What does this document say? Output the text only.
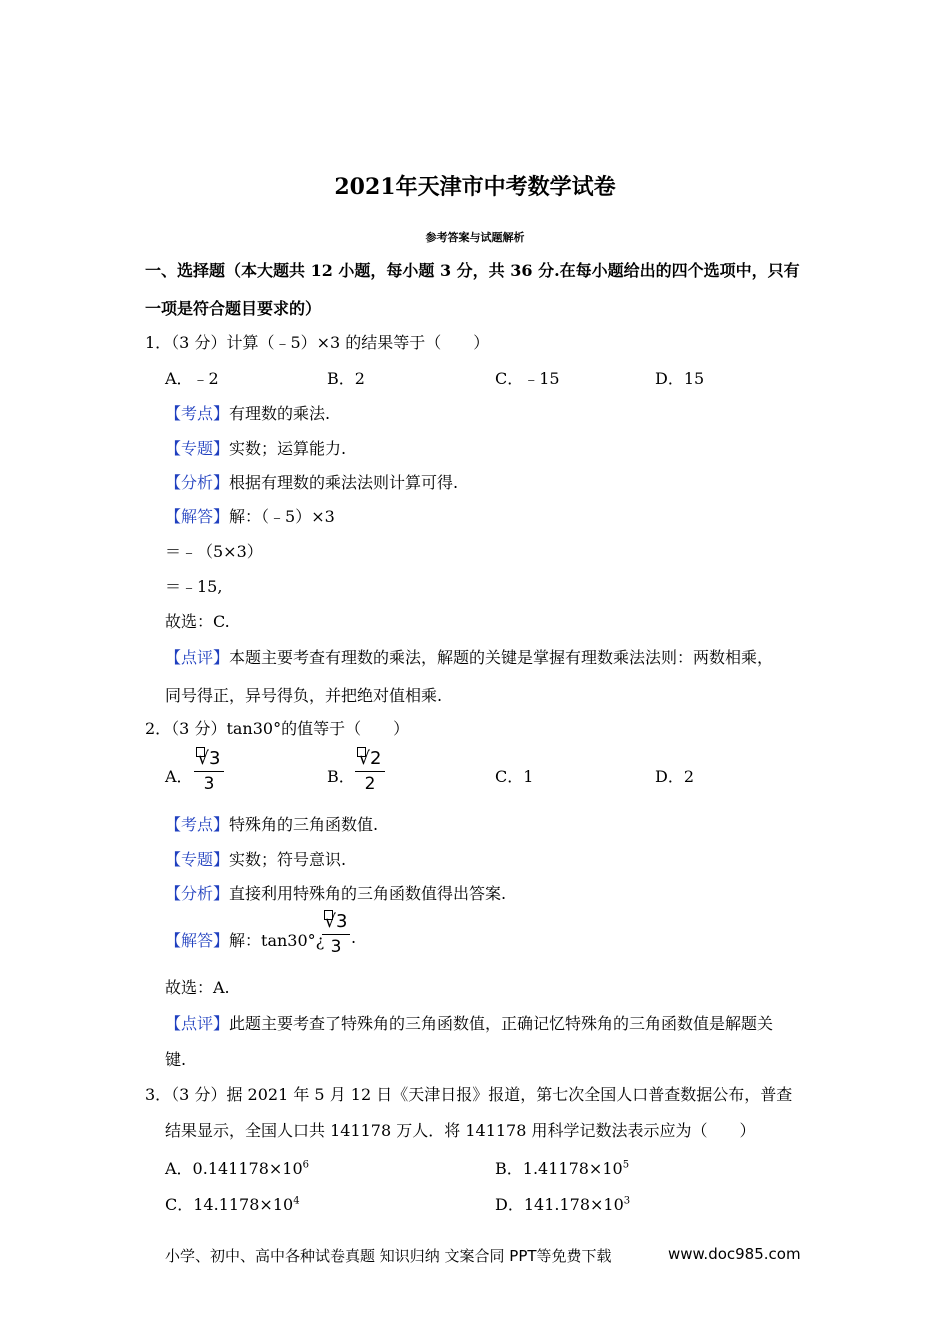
2021年天津市中考数学试卷
参考答案与试题解析
一、选择题（本大题共 12 小题，每小题 3 分，共 36 分.在每小题给出的四个选项中，只有
一项是符合题目要求的）
1．（3 分）计算（﹣5）×3 的结果等于（　　）
A．﹣2	B．2	C．﹣15	D．15
【考点】有理数的乘法.
【专题】实数；运算能力.
【分析】根据有理数的乘法法则计算可得.
【解答】解：（﹣5）×3
＝﹣（5×3）
＝﹣15,
故选：C.
【点评】本题主要考查有理数的乘法，解题的关键是掌握有理数乘法法则：两数相乘，
同号得正，异号得负，并把绝对值相乘.
2．（3 分）tan30°的值等于（　　）
A．
√3
3	B．
√2
2	C．1	D．2
【考点】特殊角的三角函数值.
【专题】实数；符号意识.
【分析】直接利用特殊角的三角函数值得出答案.
【解答】解：tan30°¿
√3
3 .
故选：A.
【点评】此题主要考查了特殊角的三角函数值，正确记忆特殊角的三角函数值是解题关
键.
3．（3 分）据 2021 年 5 月 12 日《天津日报》报道，第七次全国人口普查数据公布，普查
结果显示，全国人口共 141178 万人．将 141178 用科学记数法表示应为（　　）
A．$0.141178\times 10^6$	B．$1.41178\times 10^5$
C．$14.1178\times 10^4$	D．$141.178\times 10^3$
小学、初中、高中各种试卷真题 知识归纳 文案合同 PPT等免费下载	www.doc985.com
